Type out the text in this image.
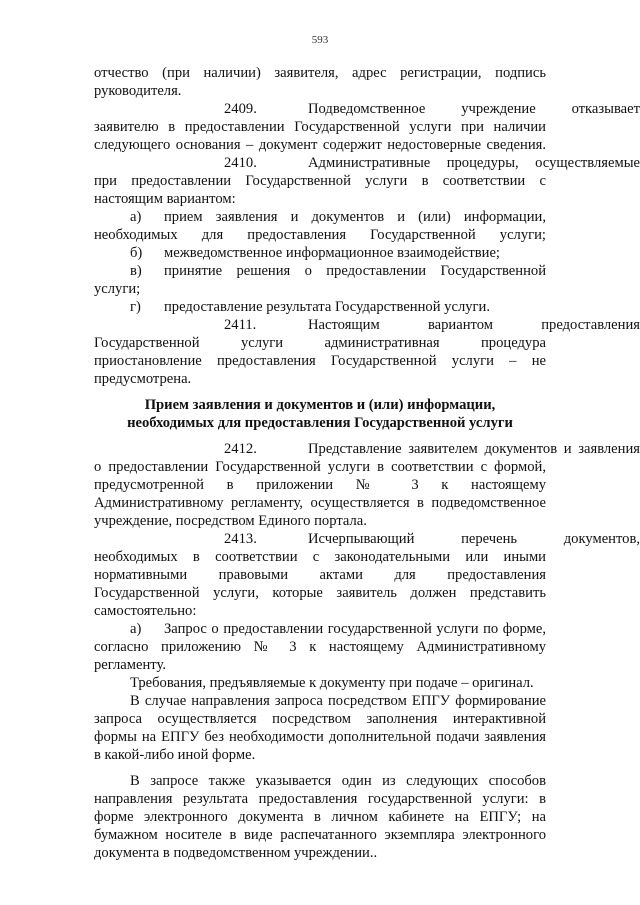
593
отчество (при наличии) заявителя, адрес регистрации, подпись
руководителя.
2409.	Подведомственное учреждение отказывает
заявителю в предоставлении Государственной услуги при наличии
следующего основания – документ содержит недостоверные сведения.
2410.	Административные процедуры, осуществляемые
при предоставлении Государственной услуги в соответствии с
настоящим вариантом:
а)	прием заявления и документов и (или) информации,
необходимых для предоставления Государственной услуги;
б)	межведомственное информационное взаимодействие;
в)	принятие решения о предоставлении Государственной
услуги;
г)	предоставление результата Государственной услуги.
2411.	Настоящим вариантом предоставления
Государственной услуги административная процедура
приостановление предоставления Государственной услуги – не
предусмотрена.
Прием заявления и документов и (или) информации,
необходимых для предоставления Государственной услуги
2412.	Представление заявителем документов и заявления
о предоставлении Государственной услуги в соответствии с формой,
предусмотренной в приложении № 3 к настоящему
Административному регламенту, осуществляется в подведомственное
учреждение, посредством Единого портала.
2413.	Исчерпывающий перечень документов,
необходимых в соответствии с законодательными или иными
нормативными правовыми актами для предоставления
Государственной услуги, которые заявитель должен представить
самостоятельно:
а)	Запрос о предоставлении государственной услуги по форме,
согласно приложению № 3 к настоящему Административному
регламенту.
Требования, предъявляемые к документу при подаче – оригинал.
В случае направления запроса посредством ЕПГУ формирование
запроса осуществляется посредством заполнения интерактивной
формы на ЕПГУ без необходимости дополнительной подачи заявления
в какой-либо иной форме.
В запросе также указывается один из следующих способов
направления результата предоставления государственной услуги: в
форме электронного документа в личном кабинете на ЕПГУ; на
бумажном носителе в виде распечатанного экземпляра электронного
документа в подведомственном учреждении..
